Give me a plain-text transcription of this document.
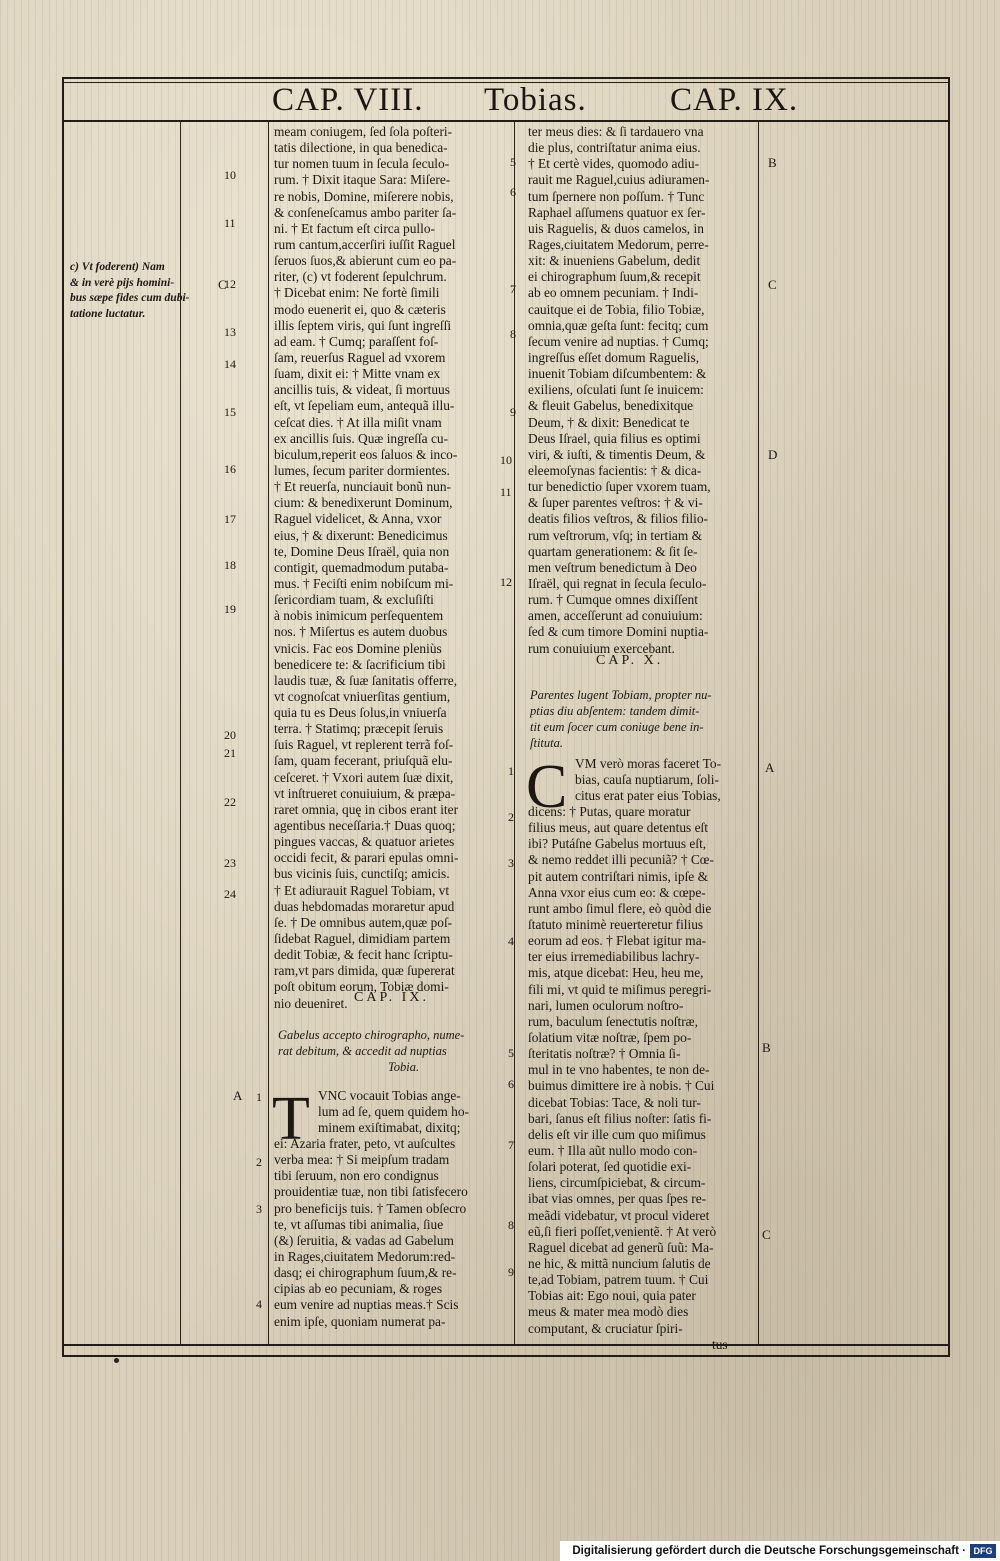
CAP. VIII. Tobias.	CAP. IX.
c) Vt foderent) Nam
& in verè pijs homini-
bus sæpe fides cum dubi-
tatione luctatur.
meam coniugem, ſed ſola poſteri-
tatis dilectione, in qua benedica-
tur nomen tuum in ſecula ſeculo-
rum. † Dixit itaque Sara: Miſere-
re nobis, Domine, miſerere nobis,
& conſeneſcamus ambo pariter ſa-
ni. † Et factum eſt circa pullo-
rum cantum,accerſiri iuſſit Raguel
ſeruos ſuos,& abierunt cum eo pa-
riter, (c) vt foderent ſepulchrum.
† Dicebat enim: Ne fortè ſimili
modo euenerit ei, quo & cæteris
illis ſeptem viris, qui ſunt ingreſſi
ad eam. † Cumq; paraſſent foſ-
ſam, reuerſus Raguel ad vxorem
ſuam, dixit ei: † Mitte vnam ex
ancillis tuis, & videat, ſi mortuus
eſt, vt ſepeliam eum, antequã illu-
ceſcat dies. † At illa miſit vnam
ex ancillis ſuis. Quæ ingreſſa cu-
biculum,reperit eos ſaluos & inco-
lumes, ſecum pariter dormientes.
† Et reuerſa, nunciauit bonũ nun-
cium: & benedixerunt Dominum,
Raguel videlicet, & Anna, vxor
eius, † & dixerunt: Benedicimus
te, Domine Deus Iſraël, quia non
contigit, quemadmodum putaba-
mus. † Feciſti enim nobiſcum mi-
ſericordiam tuam, & excluſiſti
à nobis inimicum perſequentem
nos. † Miſertus es autem duobus
vnicis. Fac eos Domine pleniùs
benedicere te: & ſacrificium tibi
laudis tuæ, & ſuæ ſanitatis offerre,
vt cognoſcat vniuerſitas gentium,
quia tu es Deus ſolus,in vniuerſa
terra. † Statimq; præcepit ſeruis
ſuis Raguel, vt replerent terrã foſ-
ſam, quam fecerant, priuſquã elu-
ceſceret. † Vxori autem ſuæ dixit,
vt inſtrueret conuiuium, & præpa-
raret omnia, quę in cibos erant iter
agentibus neceſſaria.† Duas quoq;
pingues vaccas, & quatuor arietes
occidi fecit, & parari epulas omni-
bus vicinis ſuis, cunctiſq; amicis.
† Et adiurauit Raguel Tobiam, vt
duas hebdomadas moraretur apud
ſe. † De omnibus autem,quæ poſ-
ſidebat Raguel, dimidiam partem
dedit Tobiæ, & fecit hanc ſcriptu-
ram,vt pars dimida, quæ ſupererat
poſt obitum eorum, Tobiæ domi-
nio deueniret. CAP. IX.
Gabelus accepto chirographo, nume-
rat debitum, & accedit ad nuptias
Tobia.
T VNC vocauit Tobias ange-
lum ad ſe, quem quidem ho-
minem exiſtimabat, dixitq;
ei: Azaria frater, peto, vt auſcultes
verba mea: † Si meipſum tradam
tibi ſeruum, non ero condignus
prouidentiæ tuæ, non tibi ſatisfecero
pro beneficijs tuis. † Tamen obſecro
te, vt aſſumas tibi animalia, ſiue
(&) ſeruitia, & vadas ad Gabelum
in Rages,ciuitatem Medorum:red-
dasq; ei chirographum ſuum,& re-
cipias ab eo pecuniam, & roges
eum venire ad nuptias meas.† Scis
enim ipſe, quoniam numerat pa-
10
11
12
13
14
15
16
17
18
19
20
21
22
23
24
1
2
3
4
C
A
ter meus dies: & ſi tardauero vna
die plus, contriſtatur anima eius.
† Et certè vides, quomodo adiu-
rauit me Raguel,cuius adiuramen-
tum ſpernere non poſſum. † Tunc
Raphael aſſumens quatuor ex ſer-
uis Raguelis, & duos camelos, in
Rages,ciuitatem Medorum, perre-
xit: & inueniens Gabelum, dedit
ei chirographum ſuum,& recepit
ab eo omnem pecuniam. † Indi-
cauitque ei de Tobia, filio Tobiæ,
omnia,quæ geſta ſunt: fecitq; cum
ſecum venire ad nuptias. † Cumq;
ingreſſus eſſet domum Raguelis,
inuenit Tobiam diſcumbentem: &
exiliens, oſculati ſunt ſe inuicem:
& fleuit Gabelus, benedixitque
Deum, † & dixit: Benedicat te
Deus Iſrael, quia filius es optimi
viri, & iuſti, & timentis Deum, &
eleemoſynas facientis: † & dica-
tur benedictio ſuper vxorem tuam,
& ſuper parentes veſtros: † & vi-
deatis filios veſtros, & filios filio-
rum veſtrorum, vſq; in tertiam &
quartam generationem: & ſit ſe-
men veſtrum benedictum à Deo
Iſraël, qui regnat in ſecula ſeculo-
rum. † Cumque omnes dixiſſent
amen, acceſſerunt ad conuiuium:
ſed & cum timore Domini nuptia-
rum conuiuium exercebant.
CAP. X.
Parentes lugent Tobiam, propter nu-
ptias diu abſentem: tandem dimit-
tit eum ſocer cum coniuge bene in-
ſtituta.
C VM verò moras faceret To-
bias, cauſa nuptiarum, ſoli-
citus erat pater eius Tobias,
dicens: † Putas, quare moratur
filius meus, aut quare detentus eſt
ibi? Putáſne Gabelus mortuus eſt,
& nemo reddet illi pecuniã? † Cœ-
pit autem contriſtari nimis, ipſe &
Anna vxor eius cum eo: & cœpe-
runt ambo ſimul flere, eò quòd die
ſtatuto minimè reuerteretur filius
eorum ad eos. † Flebat igitur ma-
ter eius irremediabilibus lachry-
mis, atque dicebat: Heu, heu me,
fili mi, vt quid te miſimus peregri-
nari, lumen oculorum noſtro-
rum, baculum ſenectutis noſtræ,
ſolatium vitæ noſtræ, ſpem po-
ſteritatis noſtræ? † Omnia ſi-
mul in te vno habentes, te non de-
buimus dimittere ire à nobis. † Cui
dicebat Tobias: Tace, & noli tur-
bari, ſanus eſt filius noſter: ſatis fi-
delis eſt vir ille cum quo miſimus
eum. † Illa aũt nullo modo con-
ſolari poterat, ſed quotidie exi-
liens, circumſpiciebat, & circum-
ibat vias omnes, per quas ſpes re-
meãdi videbatur, vt procul videret
eũ,ſi fieri poſſet,venientẽ. † At verò
Raguel dicebat ad generũ ſuũ: Ma-
ne hic, & mittã nuncium ſalutis de
te,ad Tobiam, patrem tuum. † Cui
Tobias ait: Ego noui, quia pater
meus & mater mea modò dies
computant, & cruciatur ſpiri-
tus
5
6
7
8
9
10
11
12
1
2
3
4
5
6
7
8
9
B
C
D
A
B
C
Digitalisierung gefördert durch die Deutsche Forschungsgemeinschaft · DFG
